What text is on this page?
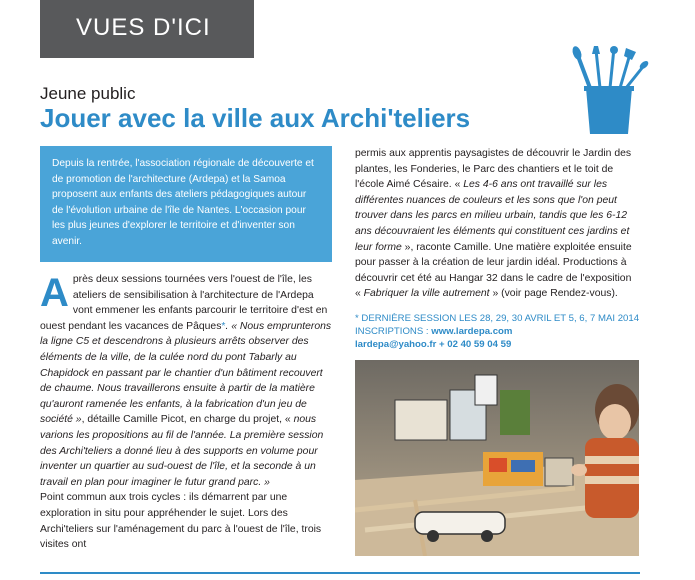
VUES D'ICI
Jeune public
Jouer avec la ville aux Archi'teliers

Depuis la rentrée, l'association régionale de découverte et de promotion de l'architecture (Ardepa) et la Samoa proposent aux enfants des ateliers pédagogiques autour de l'évolution urbaine de l'île de Nantes. L'occasion pour les plus jeunes d'explorer le territoire et d'inventer son avenir.

A près deux sessions tournées vers l'ouest de l'île, les ateliers de sensibilisation à l'architecture de l'Ardepa vont emmener les enfants parcourir le territoire d'est en ouest pendant les vacances de Pâques*. « Nous emprunterons la ligne C5 et descendrons à plusieurs arrêts observer des éléments de la ville, de la culée nord du pont Tabarly au Chapidock en passant par le chantier d'un bâtiment recouvert de chaume. Nous travaillerons ensuite à partir de la matière qu'auront ramenée les enfants, à la fabrication d'un jeu de société », détaille Camille Picot, en charge du projet, « nous varions les propositions au fil de l'année. La première session des Archi'teliers a donné lieu à des supports en volume pour inventer un quartier au sud-ouest de l'île, et la seconde à un travail en plan pour imaginer le futur grand parc. »

Point commun aux trois cycles : ils démarrent par une exploration in situ pour appréhender le sujet. Lors des Archi'teliers sur l'aménagement du parc à l'ouest de l'île, trois visites ont

permis aux apprentis paysagistes de découvrir le Jardin des plantes, les Fonderies, le Parc des chantiers et le toit de l'école Aimé Césaire. « Les 4-6 ans ont travaillé sur les différentes nuances de couleurs et les sons que l'on peut trouver dans les parcs en milieu urbain, tandis que les 6-12 ans découvraient les éléments qui constituent ces jardins et leur forme », raconte Camille. Une matière exploitée ensuite pour passer à la création de leur jardin idéal. Productions à découvrir cet été au Hangar 32 dans le cadre de l'exposition « Fabriquer la ville autrement » (voir page Rendez-vous).

* DERNIÈRE SESSION LES 28, 29, 30 AVRIL ET 5, 6, 7 MAI 2014
INSCRIPTIONS : www.lardepa.com
lardepa@yahoo.fr + 02 40 59 04 59
